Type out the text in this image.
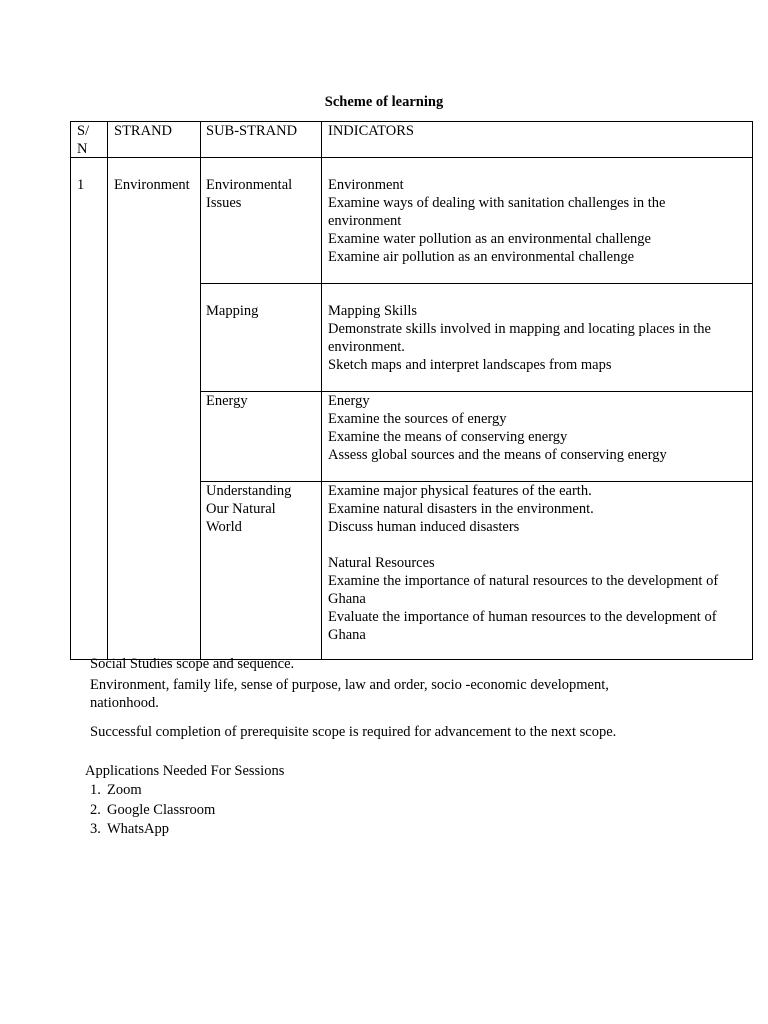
Scheme of learning
S/
N
STRAND SUB-STRAND INDICATORS
1 Environment Environmental
Issues
Environment
Examine ways of dealing with sanitation challenges in the
environment
Examine water pollution as an environmental challenge
Examine air pollution as an environmental challenge
Mapping	Mapping Skills
Demonstrate skills involved in mapping and locating places in the
environment.
Sketch maps and interpret landscapes from maps
Energy	Energy
Examine the sources of energy
Examine the means of conserving energy
Assess global sources and the means of conserving energy
Understanding
Our Natural
World
Examine major physical features of the earth.
Examine natural disasters in the environment.
Discuss human induced disasters
Natural Resources
Examine the importance of natural resources to the development of
Ghana
Evaluate the importance of human resources to the development of
Ghana
Social Studies scope and sequence.
Environment, family life, sense of purpose, law and order, socio -economic development,
nationhood.
Successful completion of prerequisite scope is required for advancement to the next scope.
Applications Needed For Sessions
1. Zoom
2. Google Classroom
3. WhatsApp
